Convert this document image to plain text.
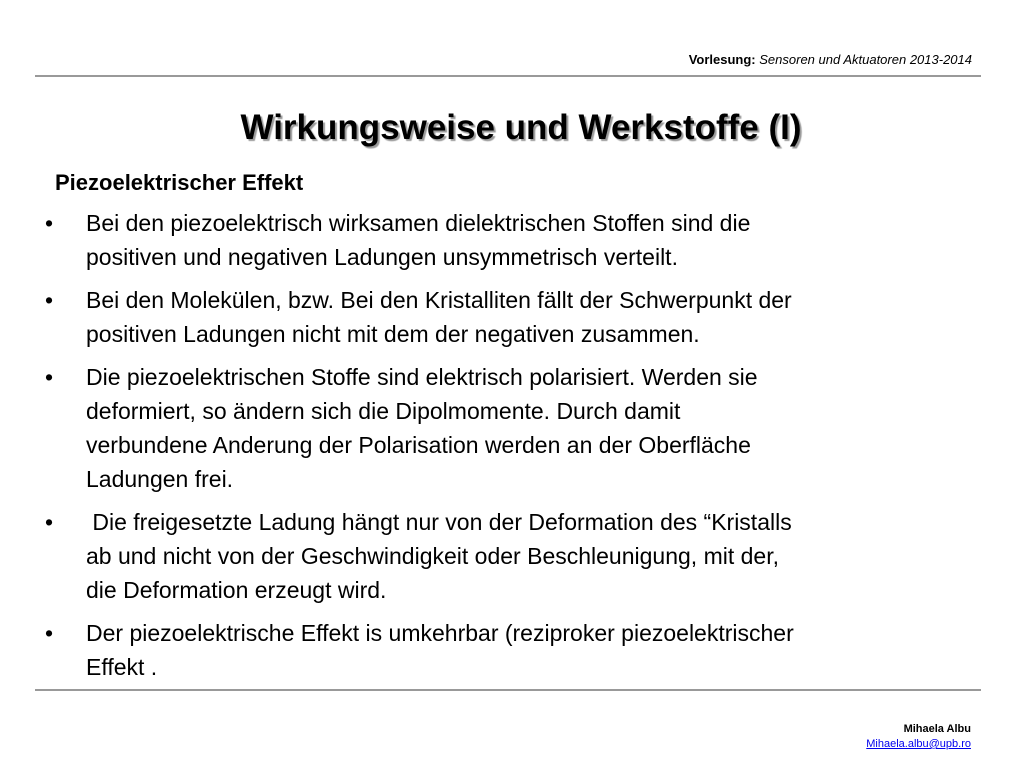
Vorlesung: Sensoren und Aktuatoren 2013-2014
Wirkungsweise und Werkstoffe (I)
Piezoelektrischer Effekt
• Bei den piezoelektrisch wirksamen dielektrischen Stoffen sind die
positiven und negativen Ladungen unsymmetrisch verteilt.
• Bei den Molekülen, bzw. Bei den Kristalliten fällt der Schwerpunkt der
positiven Ladungen nicht mit dem der negativen zusammen.
• Die piezoelektrischen Stoffe sind elektrisch polarisiert. Werden sie
deformiert, so ändern sich die Dipolmomente. Durch damit
verbundene Anderung der Polarisation werden an der Oberfläche
Ladungen frei.
• Die freigesetzte Ladung hängt nur von der Deformation des “Kristalls
ab und nicht von der Geschwindigkeit oder Beschleunigung, mit der,
die Deformation erzeugt wird.
• Der piezoelektrische Effekt is umkehrbar (reziproker piezoelektrischer
Effekt .
Mihaela Albu
Mihaela.albu@upb.ro
